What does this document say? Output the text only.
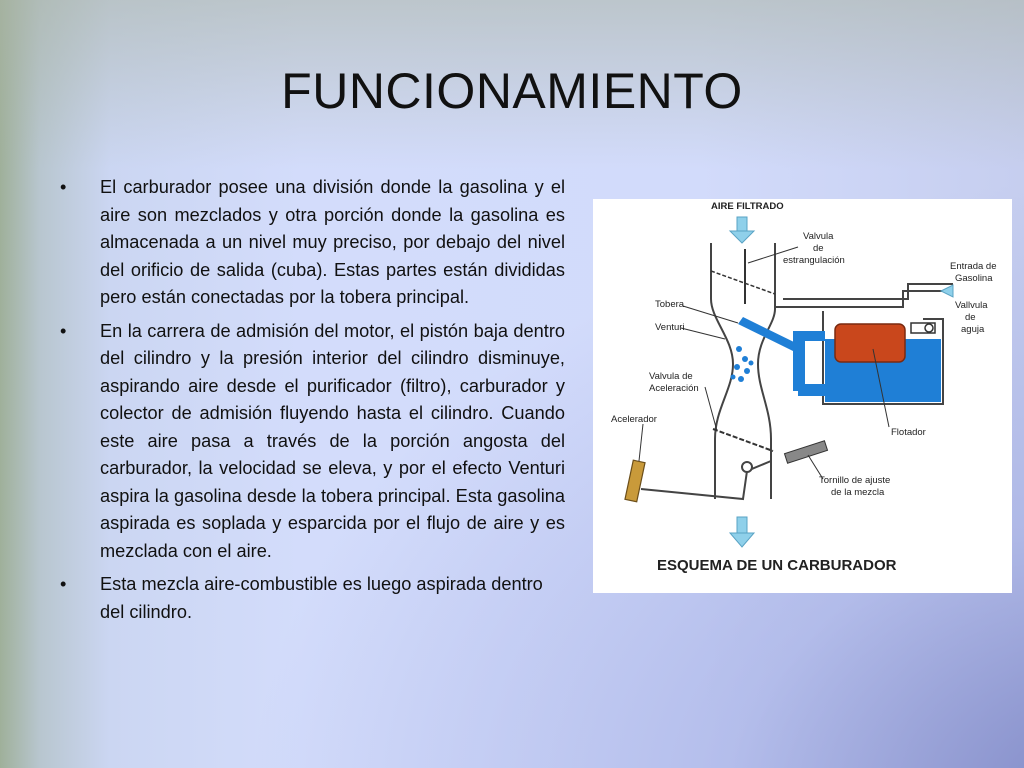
FUNCIONAMIENTO
• El carburador posee una división donde la gasolina y el aire son mezclados y otra porción donde la gasolina es almacenada a un nivel muy preciso, por debajo del nivel del orificio de salida (cuba). Estas partes están divididas pero están conectadas por la tobera principal.
• En la carrera de admisión del motor, el pistón baja dentro del cilindro y la presión interior del cilindro disminuye, aspirando aire desde el purificador (filtro), carburador y colector de admisión fluyendo hasta el cilindro. Cuando este aire pasa a través de la porción angosta del carburador, la velocidad se eleva, y por el efecto Venturi aspira la gasolina desde la tobera principal. Esta gasolina aspirada es soplada y esparcida por el flujo de aire y es mezclada con el aire.
• Esta mezcla aire-combustible es luego aspirada dentro del cilindro.
AIRE FILTRADO
Valvula de estrangulación
Entrada de Gasolina
Vallvula de aguja
Tobera
Venturi
Valvula de Aceleración
Acelerador
Flotador
Tornillo de ajuste de la mezcla
ESQUEMA DE UN CARBURADOR
